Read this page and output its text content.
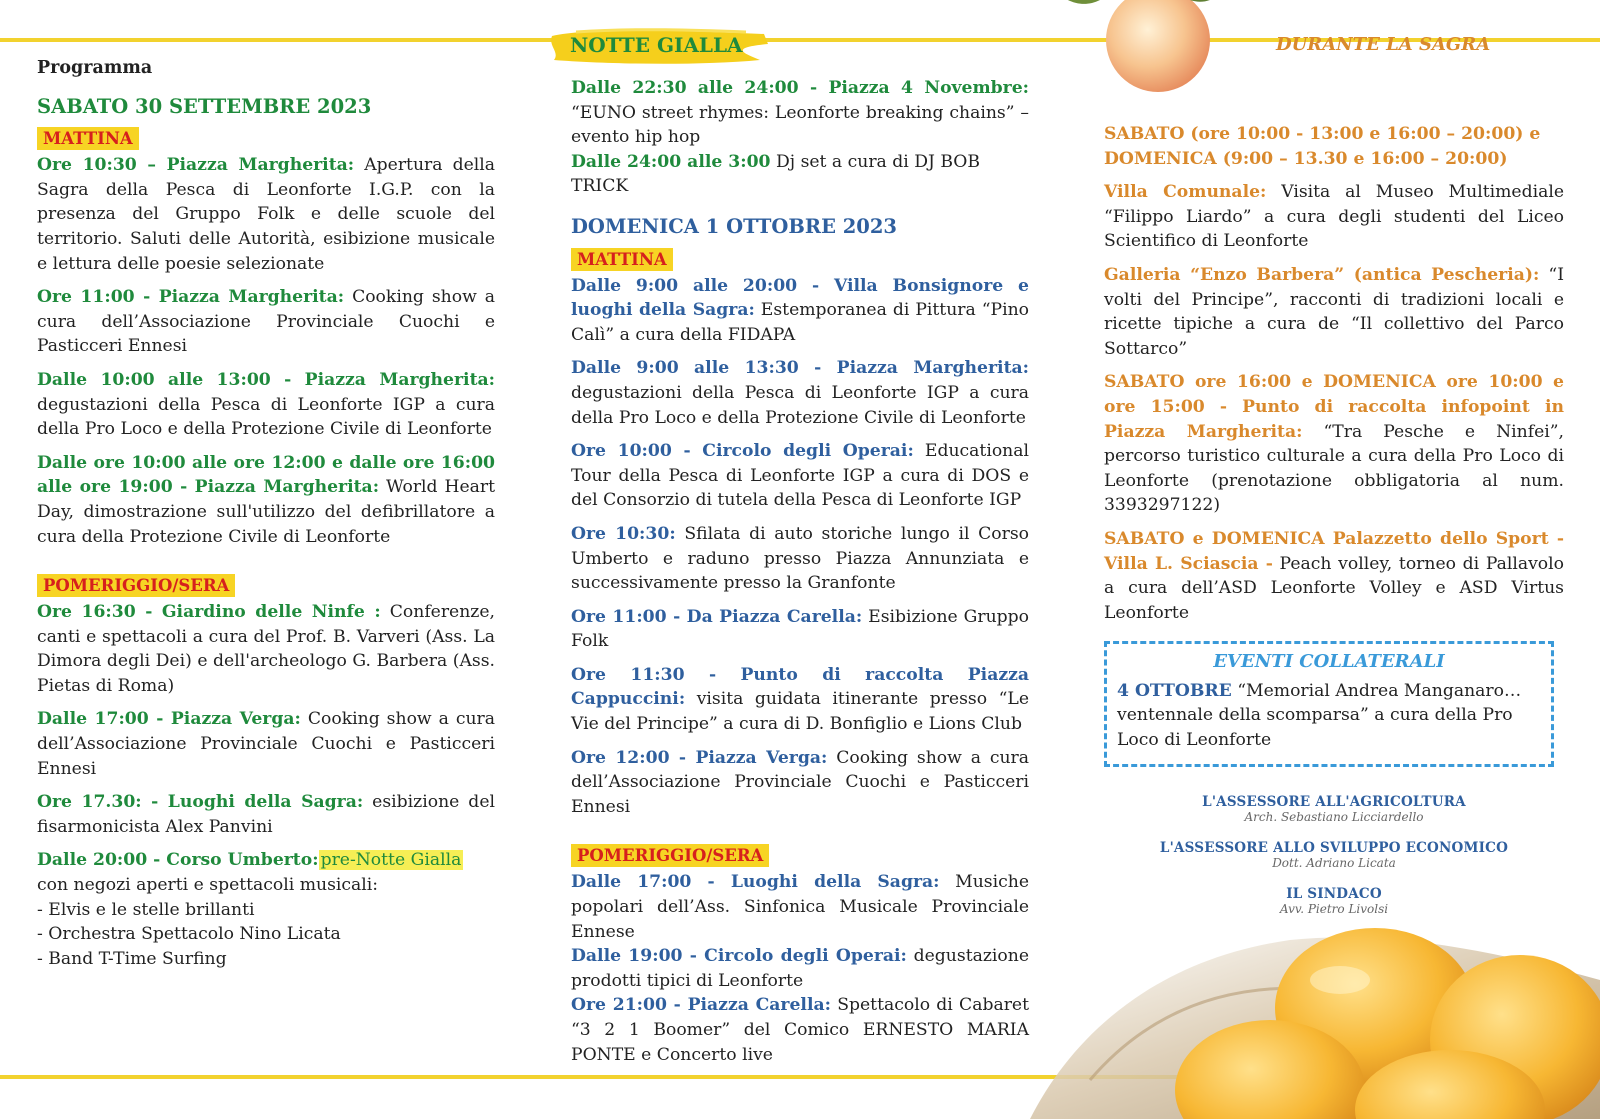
Programma
SABATO 30 SETTEMBRE 2023
MATTINA

Ore 10:30 – Piazza Margherita: Apertura della Sagra della Pesca di Leonforte I.G.P. con la presenza del Gruppo Folk e delle scuole del territorio. Saluti delle Autorità, esibizione musicale e lettura delle poesie selezionate

Ore 11:00 - Piazza Margherita: Cooking show a cura dell’Associazione Provinciale Cuochi e Pasticceri Ennesi

Dalle 10:00 alle 13:00 - Piazza Margherita: degustazioni della Pesca di Leonforte IGP a cura della Pro Loco e della Protezione Civile di Leonforte

Dalle ore 10:00 alle ore 12:00 e dalle ore 16:00 alle ore 19:00 - Piazza Margherita: World Heart Day, dimostrazione sull'utilizzo del defibrillatore a cura della Protezione Civile di Leonforte

POMERIGGIO/SERA

Ore 16:30 - Giardino delle Ninfe : Conferenze, canti e spettacoli a cura del Prof. B. Varveri (Ass. La Dimora degli Dei) e dell'archeologo G. Barbera (Ass. Pietas di Roma)

Dalle 17:00 - Piazza Verga: Cooking show a cura dell’Associazione Provinciale Cuochi e Pasticceri Ennesi

Ore 17.30: - Luoghi della Sagra: esibizione del fisarmonicista Alex Panvini

Dalle 20:00 - Corso Umberto: pre-Notte Gialla
con negozi aperti e spettacoli musicali:
- Elvis e le stelle brillanti
- Orchestra Spettacolo Nino Licata
- Band T-Time Surfing
NOTTE GIALLA

Dalle 22:30 alle 24:00 - Piazza 4 Novembre: “EUNO street rhymes: Leonforte breaking chains” – evento hip hop

Dalle 24:00 alle 3:00 Dj set a cura di DJ BOB TRICK

DOMENICA 1 OTTOBRE 2023
MATTINA

Dalle 9:00 alle 20:00 - Villa Bonsignore e luoghi della Sagra: Estemporanea di Pittura “Pino Calì” a cura della FIDAPA

Dalle 9:00 alle 13:30 - Piazza Margherita: degustazioni della Pesca di Leonforte IGP a cura della Pro Loco e della Protezione Civile di Leonforte

Ore 10:00 - Circolo degli Operai: Educational Tour della Pesca di Leonforte IGP a cura di DOS e del Consorzio di tutela della Pesca di Leonforte IGP

Ore 10:30: Sfilata di auto storiche lungo il Corso Umberto e raduno presso Piazza Annunziata e successivamente presso la Granfonte

Ore 11:00 - Da Piazza Carella: Esibizione Gruppo Folk

Ore 11:30 - Punto di raccolta Piazza Cappuccini: visita guidata itinerante presso “Le Vie del Principe” a cura di D. Bonfiglio e Lions Club

Ore 12:00 - Piazza Verga: Cooking show a cura dell’Associazione Provinciale Cuochi e Pasticceri Ennesi

POMERIGGIO/SERA

Dalle 17:00 - Luoghi della Sagra: Musiche popolari dell’Ass. Sinfonica Musicale Provinciale Ennese

Dalle 19:00 - Circolo degli Operai: degustazione prodotti tipici di Leonforte

Ore 21:00 - Piazza Carella: Spettacolo di Cabaret “3 2 1 Boomer” del Comico ERNESTO MARIA PONTE e Concerto live

DURANTE LA SAGRA

SABATO (ore 10:00 - 13:00 e 16:00 – 20:00) e DOMENICA (9:00 – 13.30 e 16:00 – 20:00)

Villa Comunale: Visita al Museo Multimediale “Filippo Liardo” a cura degli studenti del Liceo Scientifico di Leonforte

Galleria “Enzo Barbera” (antica Pescheria): “I volti del Principe”, racconti di tradizioni locali e ricette tipiche a cura de “Il collettivo del Parco Sottarco”

SABATO ore 16:00 e DOMENICA ore 10:00 e ore 15:00 - Punto di raccolta infopoint in Piazza Margherita: “Tra Pesche e Ninfei”, percorso turistico culturale a cura della Pro Loco di Leonforte (prenotazione obbligatoria al num. 3393297122)

SABATO e DOMENICA Palazzetto dello Sport - Villa L. Sciascia - Peach volley, torneo di Pallavolo a cura dell’ASD Leonforte Volley e ASD Virtus Leonforte

EVENTI COLLATERALI
4 OTTOBRE “Memorial Andrea Manganaro… ventennale della scomparsa” a cura della Pro Loco di Leonforte
L'ASSESSORE ALL'AGRICOLTURA
Arch. Sebastiano Licciardello
L'ASSESSORE ALLO SVILUPPO ECONOMICO
Dott. Adriano Licata
IL SINDACO
Avv. Pietro Livolsi
